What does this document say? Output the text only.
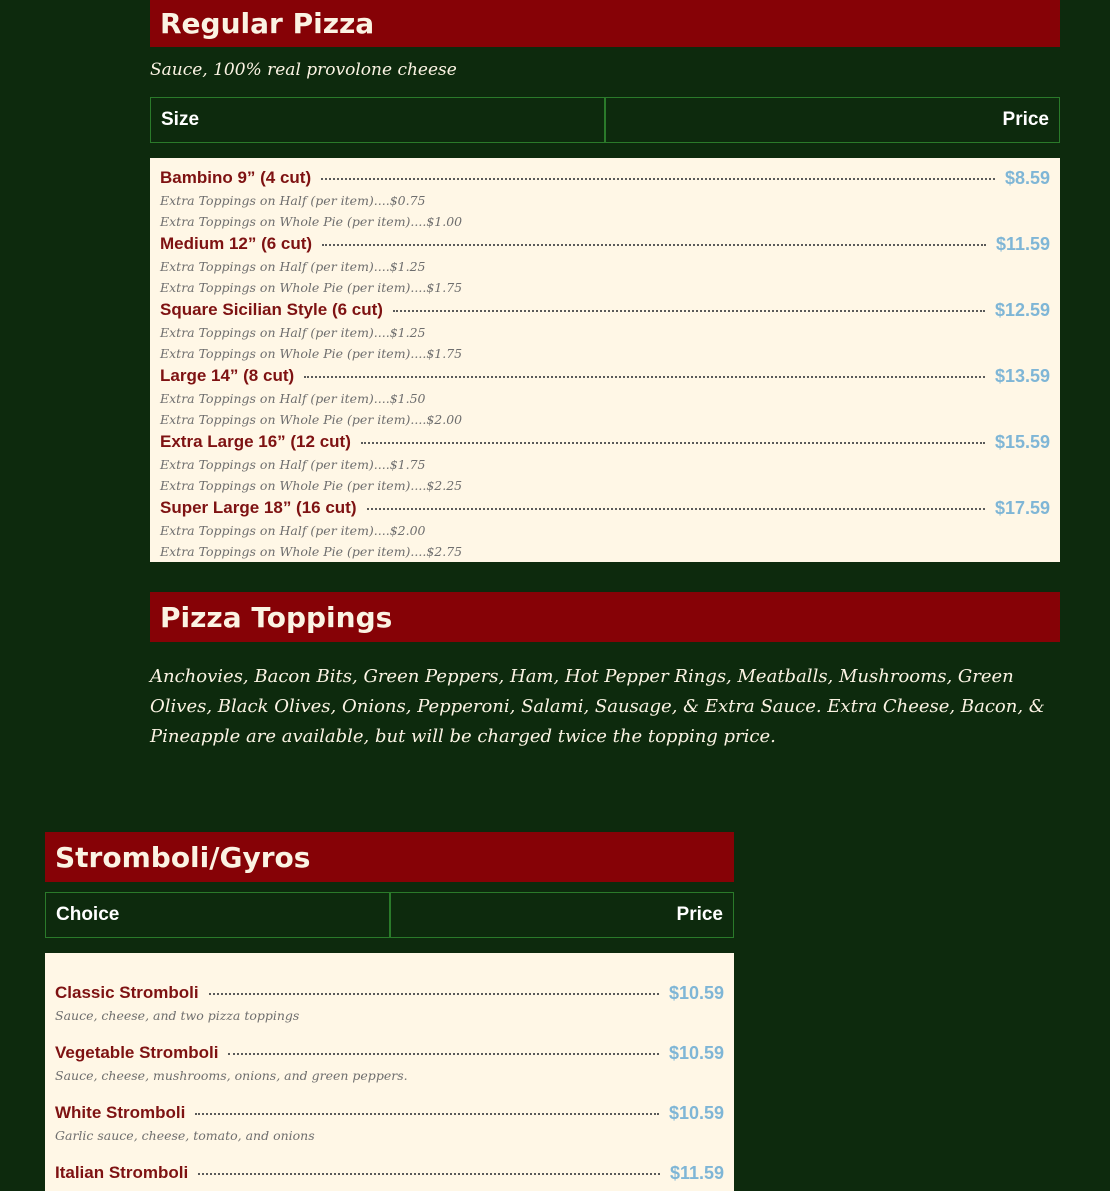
Regular Pizza
Sauce, 100% real provolone cheese
Size	Price
Bambino 9” (4 cut)	$8.59
Extra Toppings on Half (per item)....$0.75
Extra Toppings on Whole Pie (per item)....$1.00
Medium 12” (6 cut)	$11.59
Extra Toppings on Half (per item)....$1.25
Extra Toppings on Whole Pie (per item)....$1.75
Square Sicilian Style (6 cut)	$12.59
Extra Toppings on Half (per item)....$1.25
Extra Toppings on Whole Pie (per item)....$1.75
Large 14” (8 cut)	$13.59
Extra Toppings on Half (per item)....$1.50
Extra Toppings on Whole Pie (per item)....$2.00
Extra Large 16” (12 cut)	$15.59
Extra Toppings on Half (per item)....$1.75
Extra Toppings on Whole Pie (per item)....$2.25
Super Large 18” (16 cut)	$17.59
Extra Toppings on Half (per item)....$2.00
Extra Toppings on Whole Pie (per item)....$2.75
Pizza Toppings
Anchovies, Bacon Bits, Green Peppers, Ham, Hot Pepper Rings, Meatballs, Mushrooms, Green Olives, Black Olives, Onions, Pepperoni, Salami, Sausage, & Extra Sauce. Extra Cheese, Bacon, & Pineapple are available, but will be charged twice the topping price.
Stromboli/Gyros
Choice	Price
Classic Stromboli	$10.59
Sauce, cheese, and two pizza toppings
Vegetable Stromboli	$10.59
Sauce, cheese, mushrooms, onions, and green peppers.
White Stromboli	$10.59
Garlic sauce, cheese, tomato, and onions
Italian Stromboli	$11.59
